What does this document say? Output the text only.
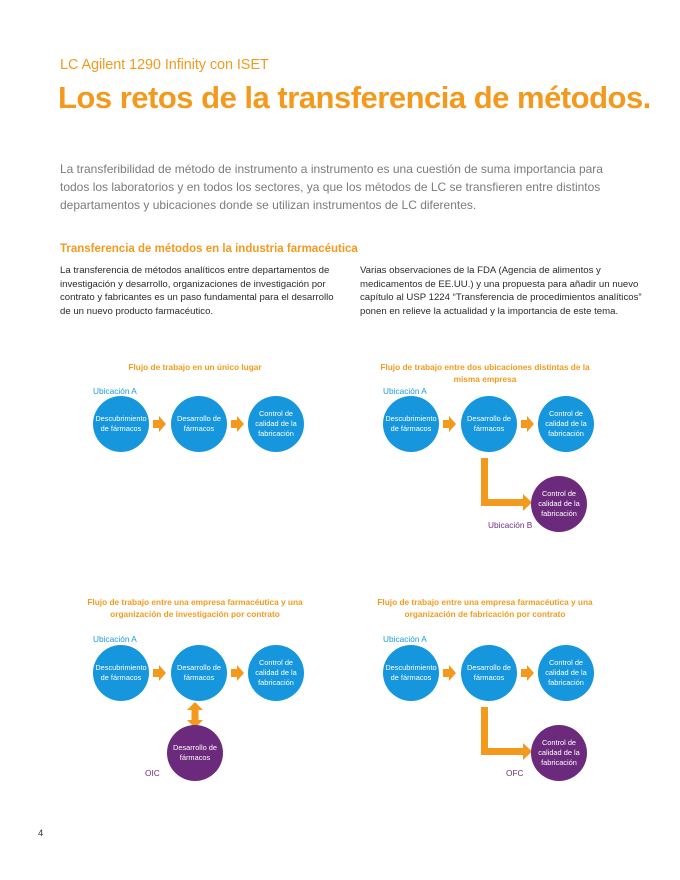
LC Agilent 1290 Infinity con ISET
Los retos de la transferencia de métodos.
La transferibilidad de método de instrumento a instrumento es una cuestión de suma importancia para todos los laboratorios y en todos los sectores, ya que los métodos de LC se transfieren entre distintos departamentos y ubicaciones donde se utilizan instrumentos de LC diferentes.
Transferencia de métodos en la industria farmacéutica
La transferencia de métodos analíticos entre departamentos de investigación y desarrollo, organizaciones de investigación por contrato y fabricantes es un paso fundamental para el desarrollo de un nuevo producto farmacéutico.
Varias observaciones de la FDA (Agencia de alimentos y medicamentos de EE.UU.) y una propuesta para añadir un nuevo capítulo al USP 1224 “Transferencia de procedimientos analíticos” ponen en relieve la actualidad y la importancia de este tema.
Flujo de trabajo en un único lugar
Ubicación A
Descubrimiento de fármacos
Desarrollo de fármacos
Control de calidad de la fabricación
Flujo de trabajo entre dos ubicaciones distintas de la
misma empresa
Ubicación A
Descubrimiento de fármacos
Desarrollo de fármacos
Control de calidad de la fabricación
Control de calidad de la fabricación
Ubicación B
Flujo de trabajo entre una empresa farmacéutica y una
organización de investigación por contrato
Ubicación A
Descubrimiento de fármacos
Desarrollo de fármacos
Control de calidad de la fabricación
Desarrollo de fármacos
OIC
Flujo de trabajo entre una empresa farmacéutica y una
organización de fabricación por contrato
Ubicación A
Descubrimiento de fármacos
Desarrollo de fármacos
Control de calidad de la fabricación
Control de calidad de la fabricación
OFC
4
